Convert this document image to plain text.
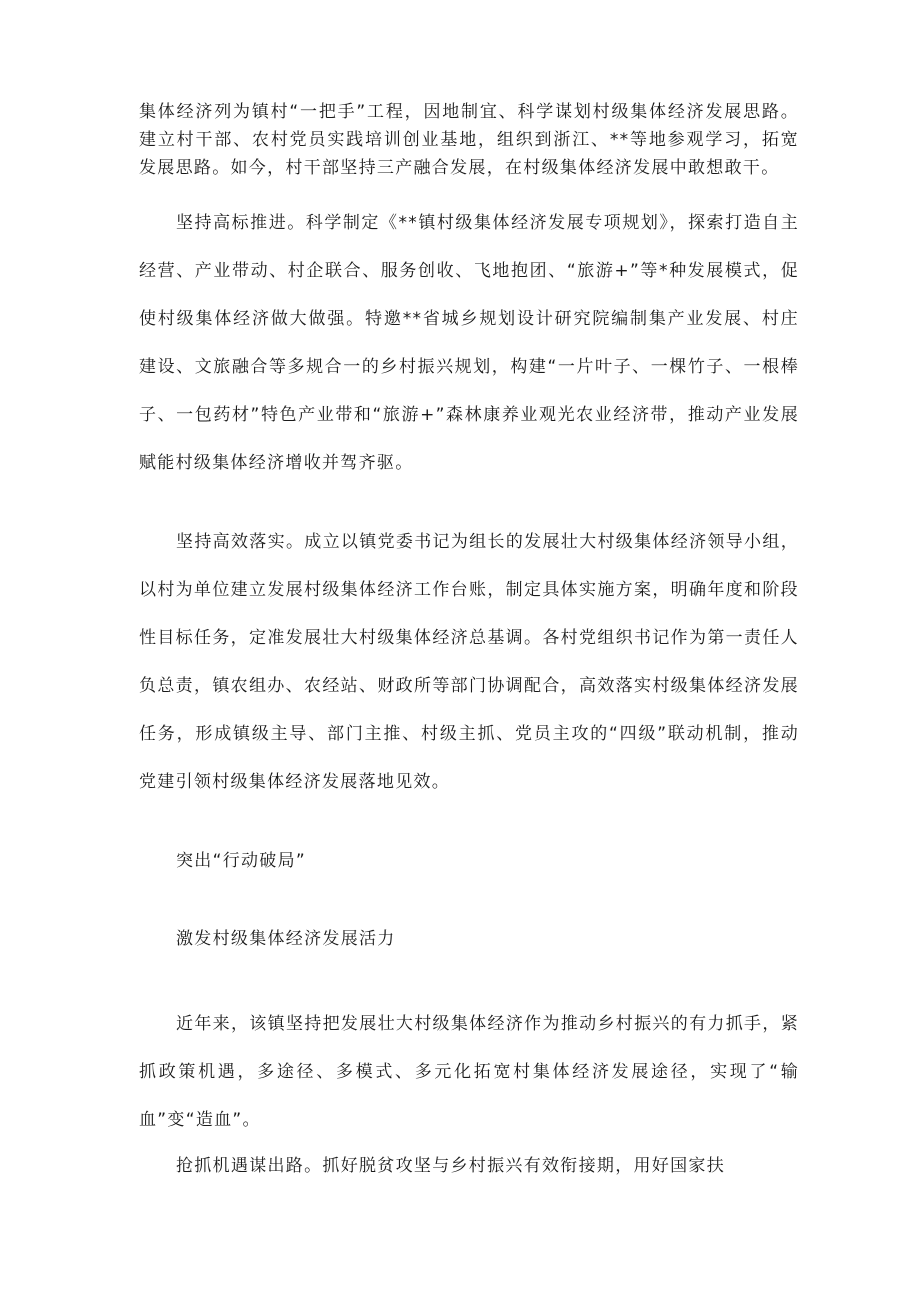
集体经济列为镇村“一把手”工程，因地制宜、科学谋划村级集体经济发展思路。建立村干部、农村党员实践培训创业基地，组织到浙江、**等地参观学习，拓宽发展思路。如今，村干部坚持三产融合发展，在村级集体经济发展中敢想敢干。

坚持高标推进。科学制定《**镇村级集体经济发展专项规划》，探索打造自主经营、产业带动、村企联合、服务创收、飞地抱团、“旅游+”等*种发展模式，促使村级集体经济做大做强。特邀**省城乡规划设计研究院编制集产业发展、村庄建设、文旅融合等多规合一的乡村振兴规划，构建“一片叶子、一棵竹子、一根棒子、一包药材”特色产业带和“旅游+”森林康养业观光农业经济带，推动产业发展赋能村级集体经济增收并驾齐驱。

坚持高效落实。成立以镇党委书记为组长的发展壮大村级集体经济领导小组，以村为单位建立发展村级集体经济工作台账，制定具体实施方案，明确年度和阶段性目标任务，定准发展壮大村级集体经济总基调。各村党组织书记作为第一责任人负总责，镇农组办、农经站、财政所等部门协调配合，高效落实村级集体经济发展任务，形成镇级主导、部门主推、村级主抓、党员主攻的“四级”联动机制，推动党建引领村级集体经济发展落地见效。

突出“行动破局”

激发村级集体经济发展活力

近年来，该镇坚持把发展壮大村级集体经济作为推动乡村振兴的有力抓手，紧抓政策机遇，多途径、多模式、多元化拓宽村集体经济发展途径，实现了“输血”变“造血”。

抢抓机遇谋出路。抓好脱贫攻坚与乡村振兴有效衔接期，用好国家扶
